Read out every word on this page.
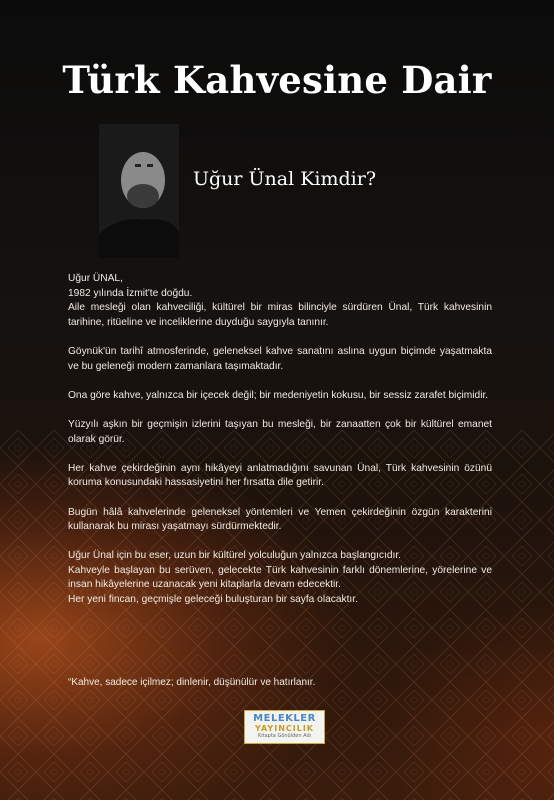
Türk Kahvesine Dair
Uğur Ünal Kimdir?

Uğur ÜNAL,
1982 yılında İzmit'te doğdu.
Aile mesleği olan kahveciliği, kültürel bir miras bilinciyle sürdüren Ünal, Türk kahvesinin tarihine, ritüeline ve inceliklerine duyduğu saygıyla tanınır.

Göynük'ün tarihî atmosferinde, geleneksel kahve sanatını aslına uygun biçimde yaşatmakta ve bu geleneği modern zamanlara taşımaktadır.

Ona göre kahve, yalnızca bir içecek değil; bir medeniyetin kokusu, bir sessiz zarafet biçimidir.

Yüzyılı aşkın bir geçmişin izlerini taşıyan bu mesleği, bir zanaatten çok bir kültürel emanet olarak görür.

Her kahve çekirdeğinin aynı hikâyeyi anlatmadığını savunan Ünal, Türk kahvesinin özünü koruma konusundaki hassasiyetini her fırsatta dile getirir.

Bugün hâlâ kahvelerinde geleneksel yöntemleri ve Yemen çekirdeğinin özgün karakterini kullanarak bu mirası yaşatmayı sürdürmektedir.

Uğur Ünal için bu eser, uzun bir kültürel yolculuğun yalnızca başlangıcıdır.
Kahveyle başlayan bu serüven, gelecekte Türk kahvesinin farklı dönemlerine, yörelerine ve insan hikâyelerine uzanacak yeni kitaplarla devam edecektir.
Her yeni fincan, geçmişle geleceği buluşturan bir sayfa olacaktır.

“Kahve, sadece içilmez; dinlenir, düşünülür ve hatırlanır.
MELEKLER
YAYINCILIK
Kitapta Gönülden Adı
